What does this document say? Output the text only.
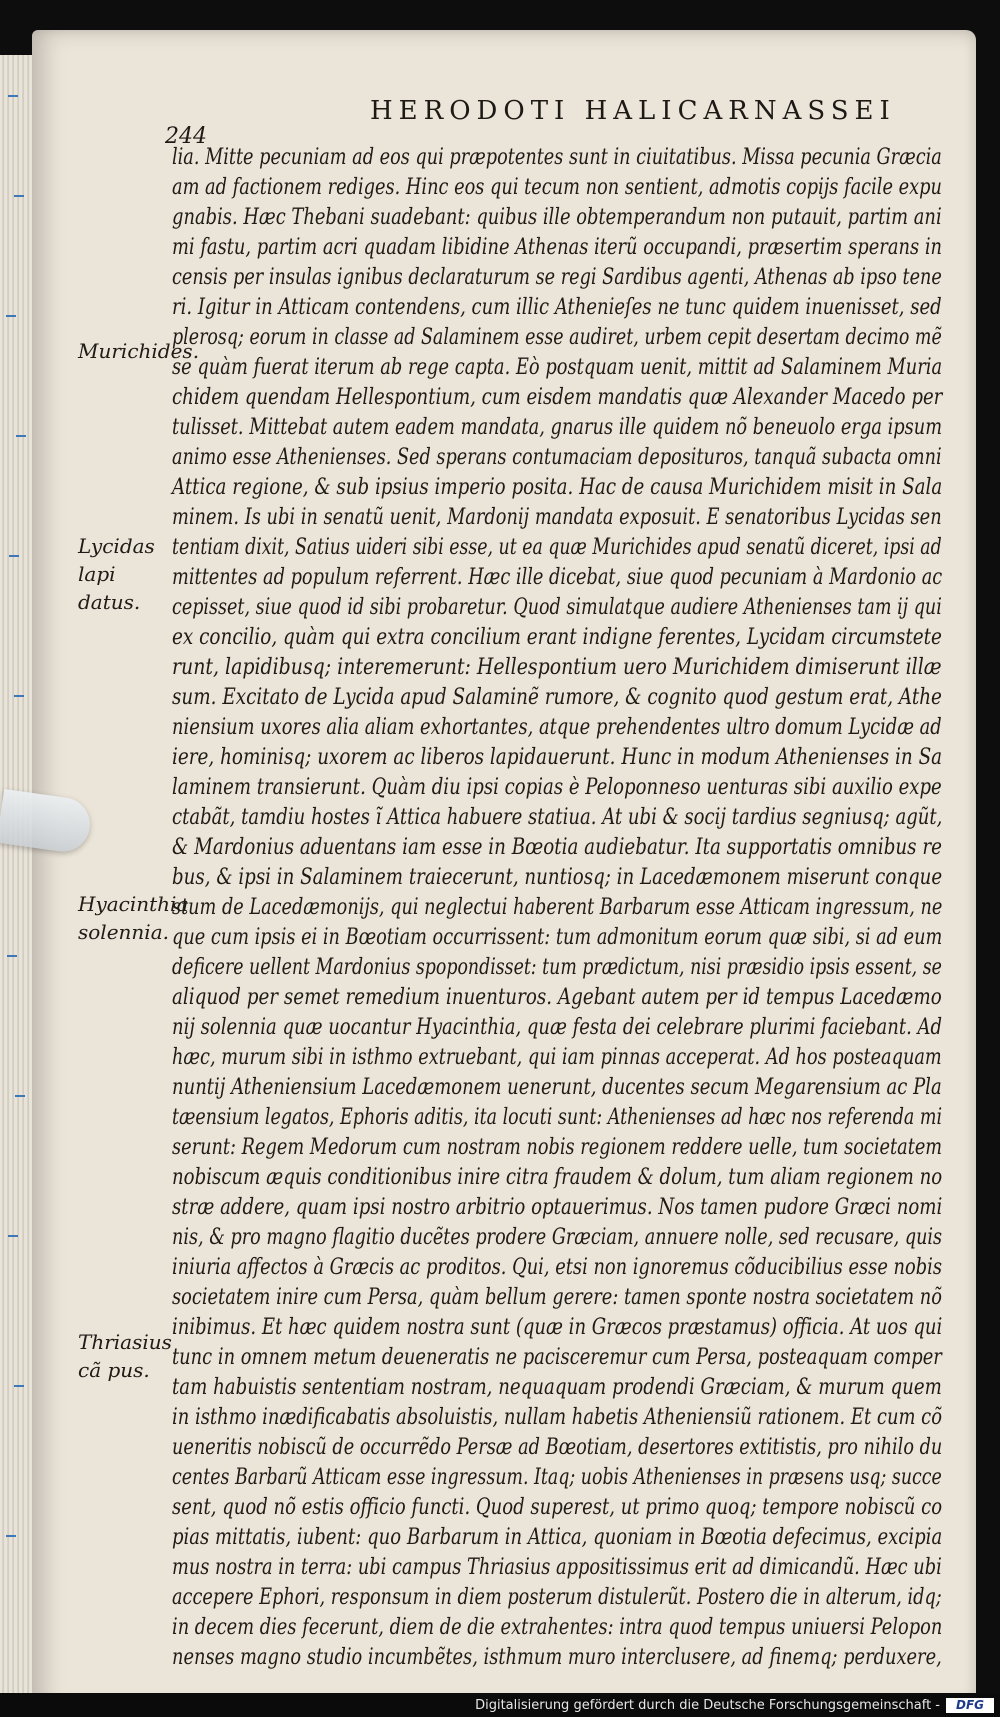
244
HERODOTI HALICARNASSEI
Murichides.
Lycidas lapi datus.
Hyacinthia solennia.
Thriasius cã pus.
lia. Mitte pecuniam ad eos qui præpotentes sunt in ciuitatibus. Missa pecunia Græcia
am ad factionem rediges. Hinc eos qui tecum non sentient, admotis copijs facile expu
gnabis. Hæc Thebani suadebant: quibus ille obtemperandum non putauit, partim ani
mi fastu, partim acri quadam libidine Athenas iterũ occupandi, præsertim sperans in
censis per insulas ignibus declaraturum se regi Sardibus agenti, Athenas ab ipso tene
ri. Igitur in Atticam contendens, cum illic Athenieſes ne tunc quidem inuenisset, sed
plerosq; eorum in classe ad Salaminem esse audiret, urbem cepit desertam decimo mẽ
se quàm fuerat iterum ab rege capta. Eò postquam uenit, mittit ad Salaminem Muria
chidem quendam Hellespontium, cum eisdem mandatis quæ Alexander Macedo per
tulisset. Mittebat autem eadem mandata, gnarus ille quidem nõ beneuolo erga ipsum
animo esse Athenienses. Sed sperans contumaciam deposituros, tanquã subacta omni
Attica regione, & sub ipsius imperio posita. Hac de causa Murichidem misit in Sala
minem. Is ubi in senatũ uenit, Mardonij mandata exposuit. E senatoribus Lycidas sen
tentiam dixit, Satius uideri sibi esse, ut ea quæ Murichides apud senatũ diceret, ipsi ad
mittentes ad populum referrent. Hæc ille dicebat, siue quod pecuniam à Mardonio ac
cepisset, siue quod id sibi probaretur. Quod simulatque audiere Athenienses tam ij qui
ex concilio, quàm qui extra concilium erant indigne ferentes, Lycidam circumstete
runt, lapidibusq; interemerunt: Hellespontium uero Murichidem dimiserunt illæ
sum. Excitato de Lycida apud Salaminẽ rumore, & cognito quod gestum erat, Athe
niensium uxores alia aliam exhortantes, atque prehendentes ultro domum Lycidæ ad
iere, hominisq; uxorem ac liberos lapidauerunt. Hunc in modum Athenienses in Sa
laminem transierunt. Quàm diu ipsi copias è Peloponneso uenturas sibi auxilio expe
ctabãt, tamdiu hostes ĩ Attica habuere statiua. At ubi & socij tardius segniusq; agũt,
& Mardonius aduentans iam esse in Bœotia audiebatur. Ita supportatis omnibus re
bus, & ipsi in Salaminem traiecerunt, nuntiosq; in Lacedæmonem miserunt conque
stum de Lacedæmonijs, qui neglectui haberent Barbarum esse Atticam ingressum, ne
que cum ipsis ei in Bœotiam occurrissent: tum admonitum eorum quæ sibi, si ad eum
deficere uellent Mardonius spopondisset: tum prædictum, nisi præsidio ipsis essent, se
aliquod per semet remedium inuenturos. Agebant autem per id tempus Lacedæmo
nij solennia quæ uocantur Hyacinthia, quæ festa dei celebrare plurimi faciebant. Ad
hæc, murum sibi in isthmo extruebant, qui iam pinnas acceperat. Ad hos posteaquam
nuntij Atheniensium Lacedæmonem uenerunt, ducentes secum Megarensium ac Pla
tæensium legatos, Ephoris aditis, ita locuti sunt: Athenienses ad hæc nos referenda mi
serunt: Regem Medorum cum nostram nobis regionem reddere uelle, tum societatem
nobiscum æquis conditionibus inire citra fraudem & dolum, tum aliam regionem no
stræ addere, quam ipsi nostro arbitrio optauerimus. Nos tamen pudore Græci nomi
nis, & pro magno flagitio ducẽtes prodere Græciam, annuere nolle, sed recusare, quis
iniuria affectos à Græcis ac proditos. Qui, etsi non ignoremus cõducibilius esse nobis
societatem inire cum Persa, quàm bellum gerere: tamen sponte nostra societatem nõ
inibimus. Et hæc quidem nostra sunt (quæ in Græcos præstamus) officia. At uos qui
tunc in omnem metum deueneratis ne pacisceremur cum Persa, posteaquam comper
tam habuistis sententiam nostram, nequaquam prodendi Græciam, & murum quem
in isthmo inædificabatis absoluistis, nullam habetis Atheniensiũ rationem. Et cum cõ
ueneritis nobiscũ de occurrẽdo Persæ ad Bœotiam, desertores extitistis, pro nihilo du
centes Barbarũ Atticam esse ingressum. Itaq; uobis Athenienses in præsens usq; succe
sent, quod nõ estis officio functi. Quod superest, ut primo quoq; tempore nobiscũ co
pias mittatis, iubent: quo Barbarum in Attica, quoniam in Bœotia defecimus, excipia
mus nostra in terra: ubi campus Thriasius appositissimus erit ad dimicandũ. Hæc ubi
accepere Ephori, responsum in diem posterum distulerũt. Postero die in alterum, idq;
in decem dies fecerunt, diem de die extrahentes: intra quod tempus uniuersi Pelopon
nenses magno studio incumbẽtes, isthmum muro interclusere, ad finemq; perduxere,
Digitalisierung gefördert durch die Deutsche Forschungsgemeinschaft -	DFG
